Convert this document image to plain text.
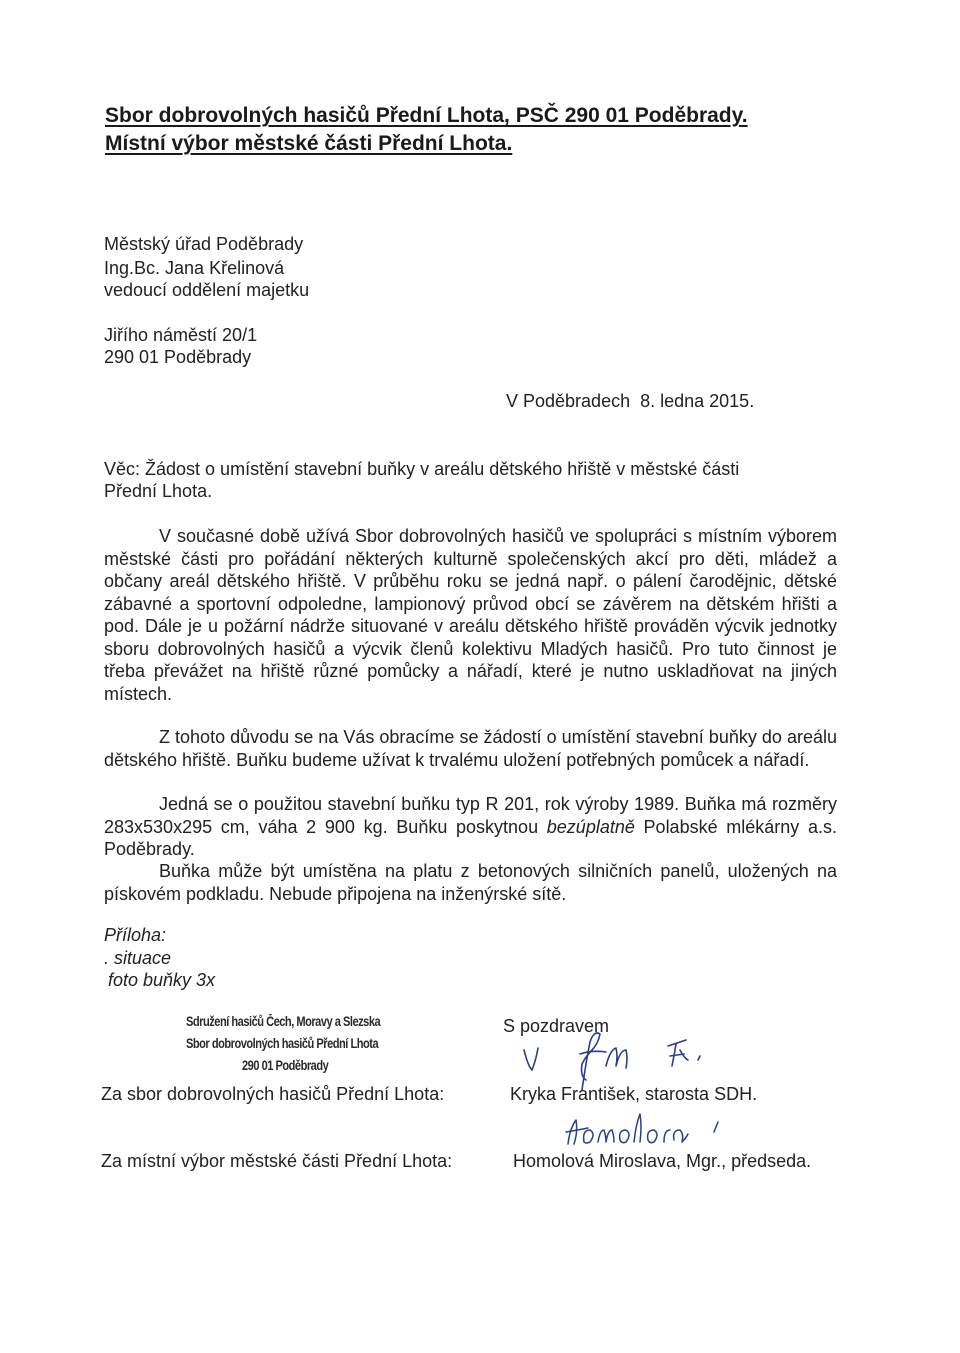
Sbor dobrovolných hasičů Přední Lhota, PSČ 290 01 Poděbrady.
Místní výbor městské části Přední Lhota.
Městský úřad Poděbrady
Ing.Bc. Jana Křelinová
vedoucí oddělení majetku
Jiřího náměstí 20/1
290 01 Poděbrady
V Poděbradech  8. ledna 2015.
Věc: Žádost o umístění stavební buňky v areálu dětského hřiště v městské části
Přední Lhota.

V současné době užívá Sbor dobrovolných hasičů ve spolupráci s místním výborem městské části pro pořádání některých kulturně společenských akcí pro děti, mládež a občany areál dětského hřiště. V průběhu roku se jedná např. o pálení čarodějnic, dětské zábavné a sportovní odpoledne, lampionový průvod obcí se závěrem na dětském hřišti a pod. Dále je u požární nádrže situované v areálu dětského hřiště prováděn výcvik jednotky sboru dobrovolných hasičů a výcvik členů kolektivu Mladých hasičů. Pro tuto činnost je třeba převážet na hřiště různé pomůcky a nářadí, které je nutno uskladňovat na jiných místech.

Z tohoto důvodu se na Vás obracíme se žádostí o umístění stavební buňky do areálu dětského hřiště. Buňku budeme užívat k trvalému uložení potřebných pomůcek a nářadí.

Jedná se o použitou stavební buňku typ R 201, rok výroby 1989. Buňka má rozměry 283x530x295 cm, váha 2 900 kg. Buňku poskytnou bezúplatně Polabské mlékárny a.s. Poděbrady.

Buňka může být umístěna na platu z betonových silničních panelů, uložených na pískovém podkladu. Nebude připojena na inženýrské sítě.

Příloha:
. situace
foto buňky 3x
Sdružení hasičů Čech, Moravy a Slezska
Sbor dobrovolných hasičů Přední Lhota
290 01 Poděbrady
S pozdravem
Za sbor dobrovolných hasičů Přední Lhota:	Kryka František, starosta SDH.
Za místní výbor městské části Přední Lhota:	Homolová Miroslava, Mgr., předseda.
